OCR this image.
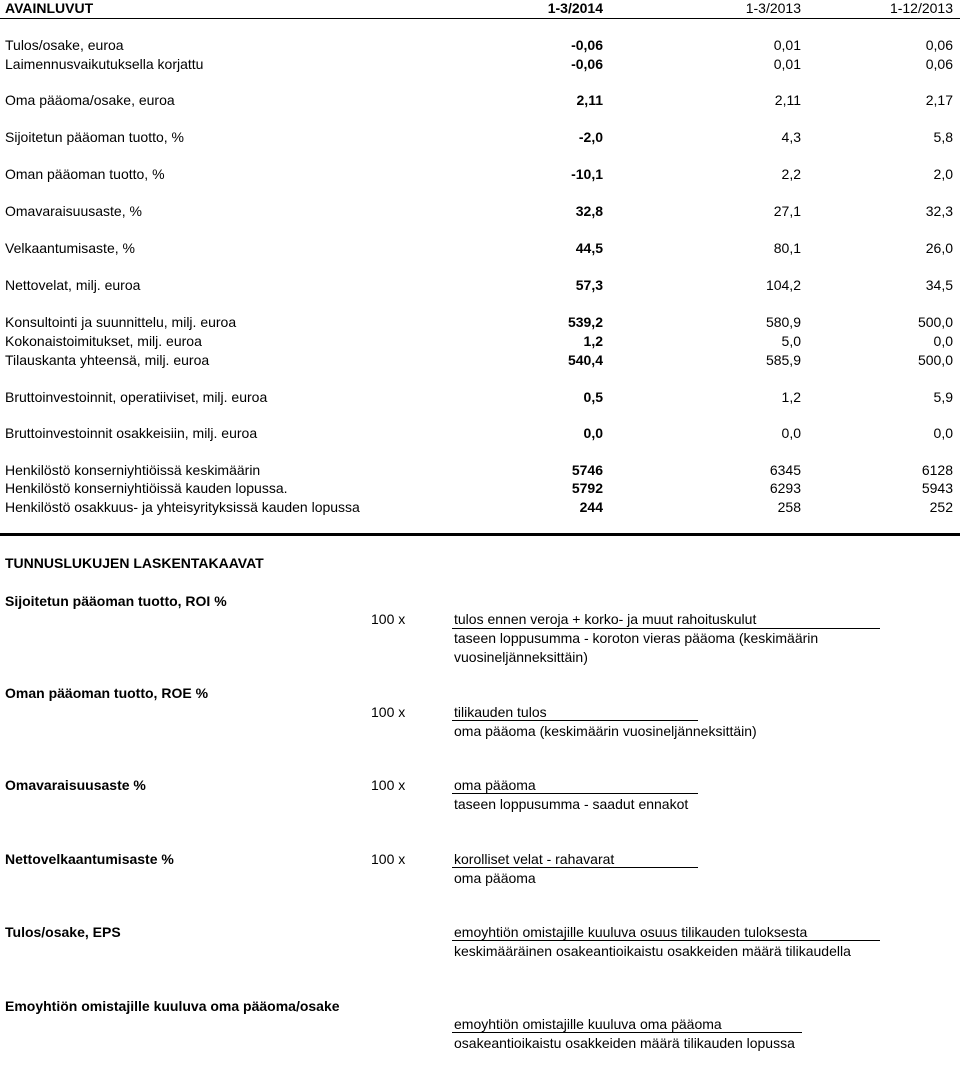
AVAINLUVUT	1-3/2014	1-3/2013	1-12/2013
Tulos/osake, euroa	-0,06	0,01	0,06
Laimennusvaikutuksella korjattu	-0,06	0,01	0,06
Oma pääoma/osake, euroa	2,11	2,11	2,17
Sijoitetun pääoman tuotto, %	-2,0	4,3	5,8
Oman pääoman tuotto, %	-10,1	2,2	2,0
Omavaraisuusaste, %	32,8	27,1	32,3
Velkaantumisaste, %	44,5	80,1	26,0
Nettovelat, milj. euroa	57,3	104,2	34,5
Konsultointi ja suunnittelu, milj. euroa	539,2	580,9	500,0
Kokonaistoimitukset, milj. euroa	1,2	5,0	0,0
Tilauskanta yhteensä, milj. euroa	540,4	585,9	500,0
Bruttoinvestoinnit, operatiiviset, milj. euroa	0,5	1,2	5,9
Bruttoinvestoinnit osakkeisiin, milj. euroa	0,0	0,0	0,0
Henkilöstö konserniyhtiöissä keskimäärin	5746	6345	6128
Henkilöstö konserniyhtiöissä kauden lopussa.	5792	6293	5943
Henkilöstö osakkuus- ja yhteisyrityksissä kauden lopussa	244	258	252
TUNNUSLUKUJEN LASKENTAKAAVAT
Sijoitetun pääoman tuotto, ROI %
100 x	tulos ennen veroja + korko- ja muut rahoituskulut
taseen loppusumma - koroton vieras pääoma (keskimäärin vuosineljänneksittäin)
Oman pääoman tuotto, ROE %
100 x	tilikauden tulos
oma pääoma (keskimäärin vuosineljänneksittäin)
Omavaraisuusaste %	100 x	oma pääoma
taseen loppusumma - saadut ennakot
Nettovelkaantumisaste %	100 x	korolliset velat - rahavarat
oma pääoma
Tulos/osake, EPS	emoyhtiön omistajille kuuluva osuus tilikauden tuloksesta
keskimääräinen osakeantioikaistu osakkeiden määrä tilikaudella
Emoyhtiön omistajille kuuluva oma pääoma/osake
emoyhtiön omistajille kuuluva oma pääoma
osakeantioikaistu osakkeiden määrä tilikauden lopussa
